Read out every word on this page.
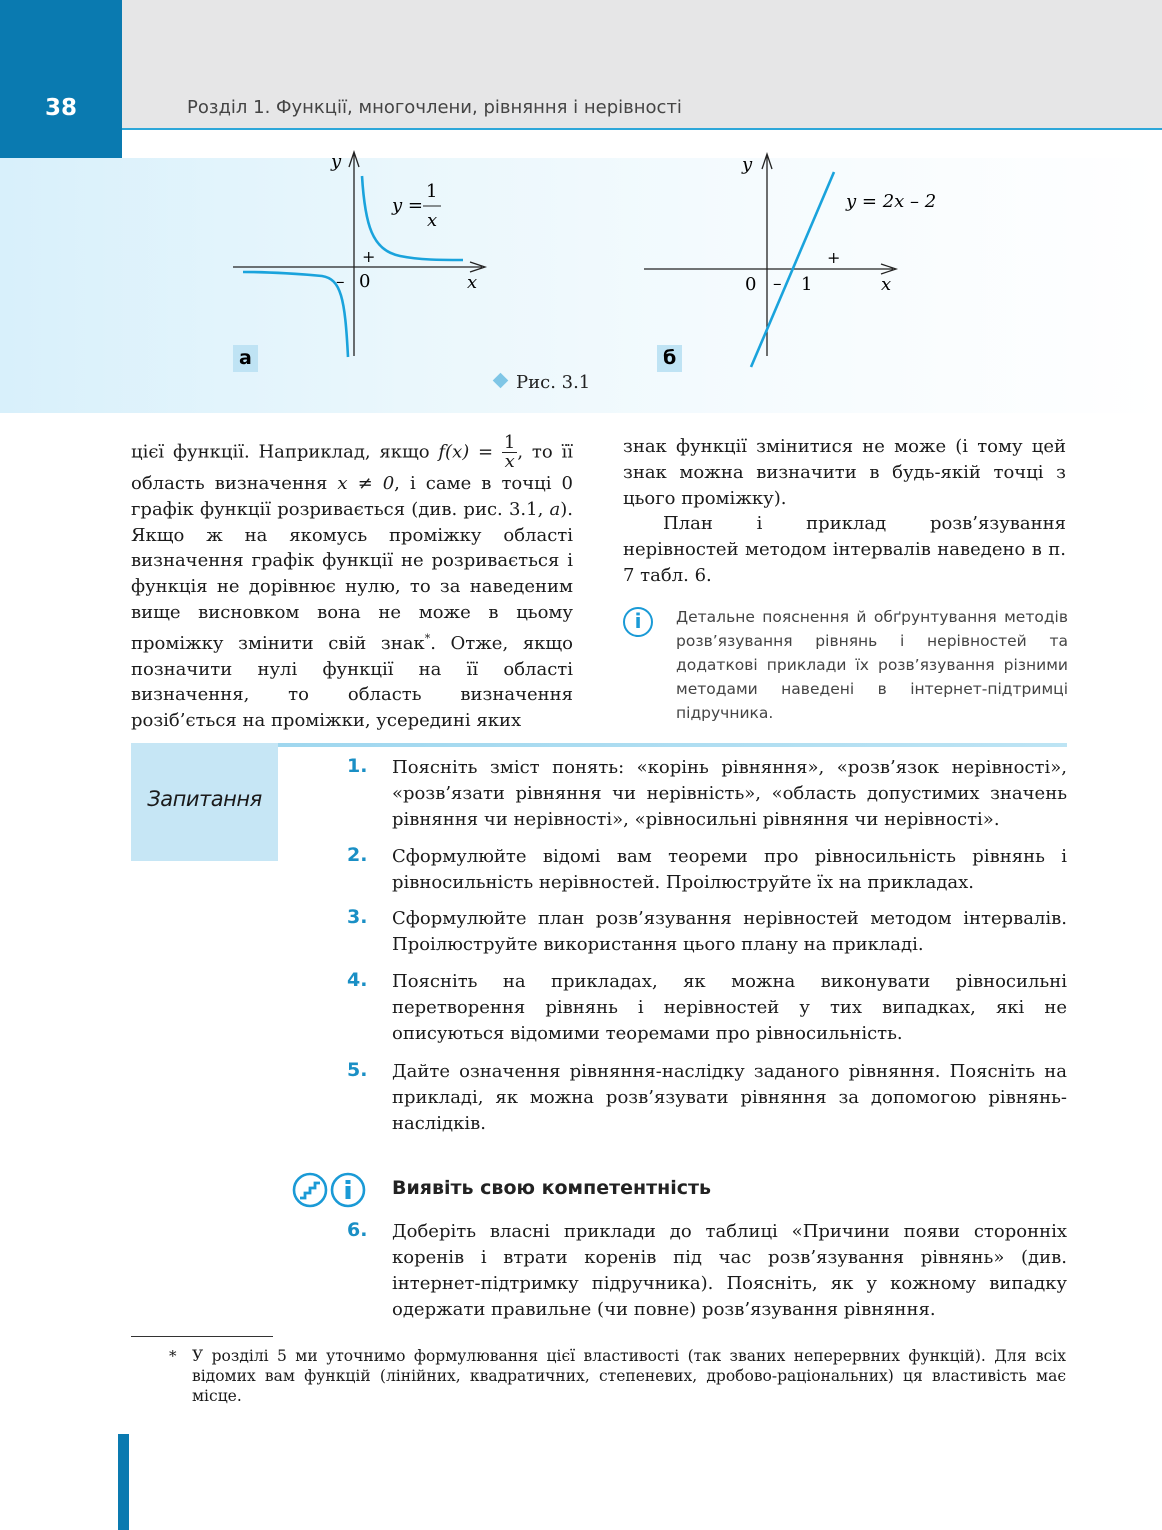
38	Розділ 1. Функції, многочлени, рівняння і нерівності
y
x
0
–
+
y =
1
x
а
y
x
0 – 1
+
y = 2x – 2
б
Рис. 3.1

цієї функції. Наприклад, якщо $f(x) = \frac{1}{x}$ , то її область визначення x ≠ 0, і саме в точці 0 графік функції розривається (див. рис. 3.1, а). Якщо ж на якомусь проміжку області визначення графік функції не розривається і функція не дорівнює нулю, то за наведеним вище висновком вона не може в цьому проміжку змінити свій знак*. Отже, якщо позначити нулі функції на її області визначення, то область визначення розіб’ється на проміжки, усередині яких

знак функції змінитися не може (і тому цей знак можна визначити в будь-якій точці з цього проміжку).

План і приклад розв’язування нерівностей методом інтервалів наведено в п. 7 табл. 6.

i	Детальне пояснення й обґрунтування методів розв’язування рівнянь і нерівностей та додаткові приклади їх розв’язування різними методами наведені в інтернет-підтримці підручника.
Запитання
1. Поясніть зміст понять: «корінь рівняння», «розв’язок нерівності», «розв’язати рівняння чи нерівність», «область допустимих значень рівняння чи нерівності», «рівносильні рівняння чи нерівності».
2. Сформулюйте відомі вам теореми про рівносильність рівнянь і рівносильність нерівностей. Проілюструйте їх на прикладах.
3. Сформулюйте план розв’язування нерівностей методом інтервалів. Проілюструйте використання цього плану на прикладі.
4. Поясніть на прикладах, як можна виконувати рівносильні перетворення рівнянь і нерівностей у тих випадках, які не описуються відомими теоремами про рівносильність.
5. Дайте означення рівняння-наслідку заданого рівняння. Поясніть на прикладі, як можна розв’язувати рівняння за допомогою рівнянь-наслідків.
Виявіть свою компетентність
6. Доберіть власні приклади до таблиці «Причини появи сторонніх коренів і втрати коренів під час розв’язування рівнянь» (див. інтернет-підтримку підручника). Поясніть, як у кожному випадку одержати правильне (чи повне) розв’язування рівняння.
* У розділі 5 ми уточнимо формулювання цієї властивості (так званих неперервних функцій). Для всіх відомих вам функцій (лінійних, квадратичних, степеневих, дробово-раціональних) ця властивість має місце.
